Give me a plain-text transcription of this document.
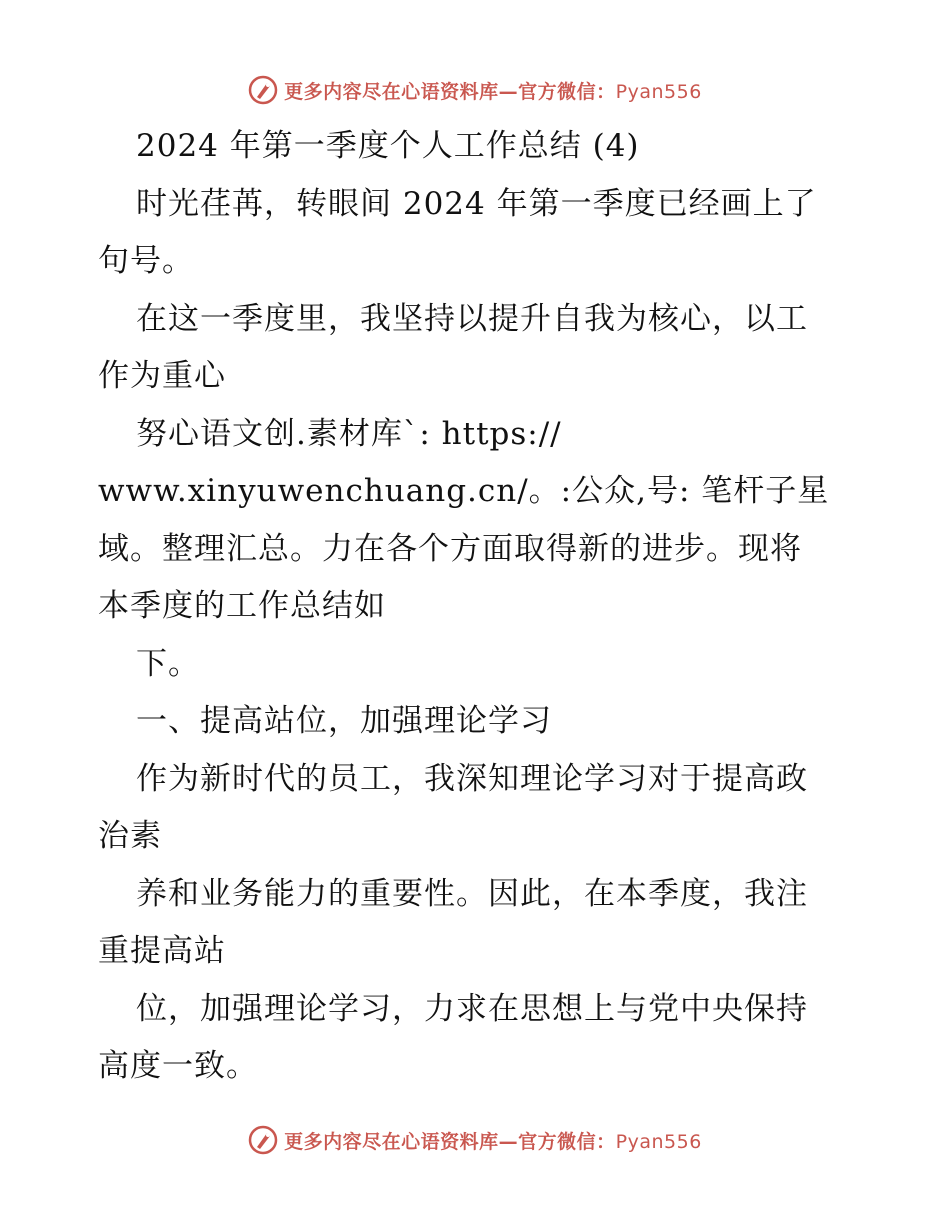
更多内容尽在心语资料库—官方微信：Pyan556
2024 年第一季度个人工作总结 (4)
时光荏苒，转眼间 2024 年第一季度已经画上了
句号。
在这一季度里，我坚持以提升自我为核心，以工
作为重心
努心语文创.素材库`: https://
www.xinyuwenchuang.cn/。:公众,号: 笔杆子星
域。整理汇总。力在各个方面取得新的进步。现将
本季度的工作总结如
下。
一、提高站位，加强理论学习
作为新时代的员工，我深知理论学习对于提高政
治素
养和业务能力的重要性。因此，在本季度，我注
重提高站
位，加强理论学习，力求在思想上与党中央保持
高度一致。
更多内容尽在心语资料库—官方微信：Pyan556
